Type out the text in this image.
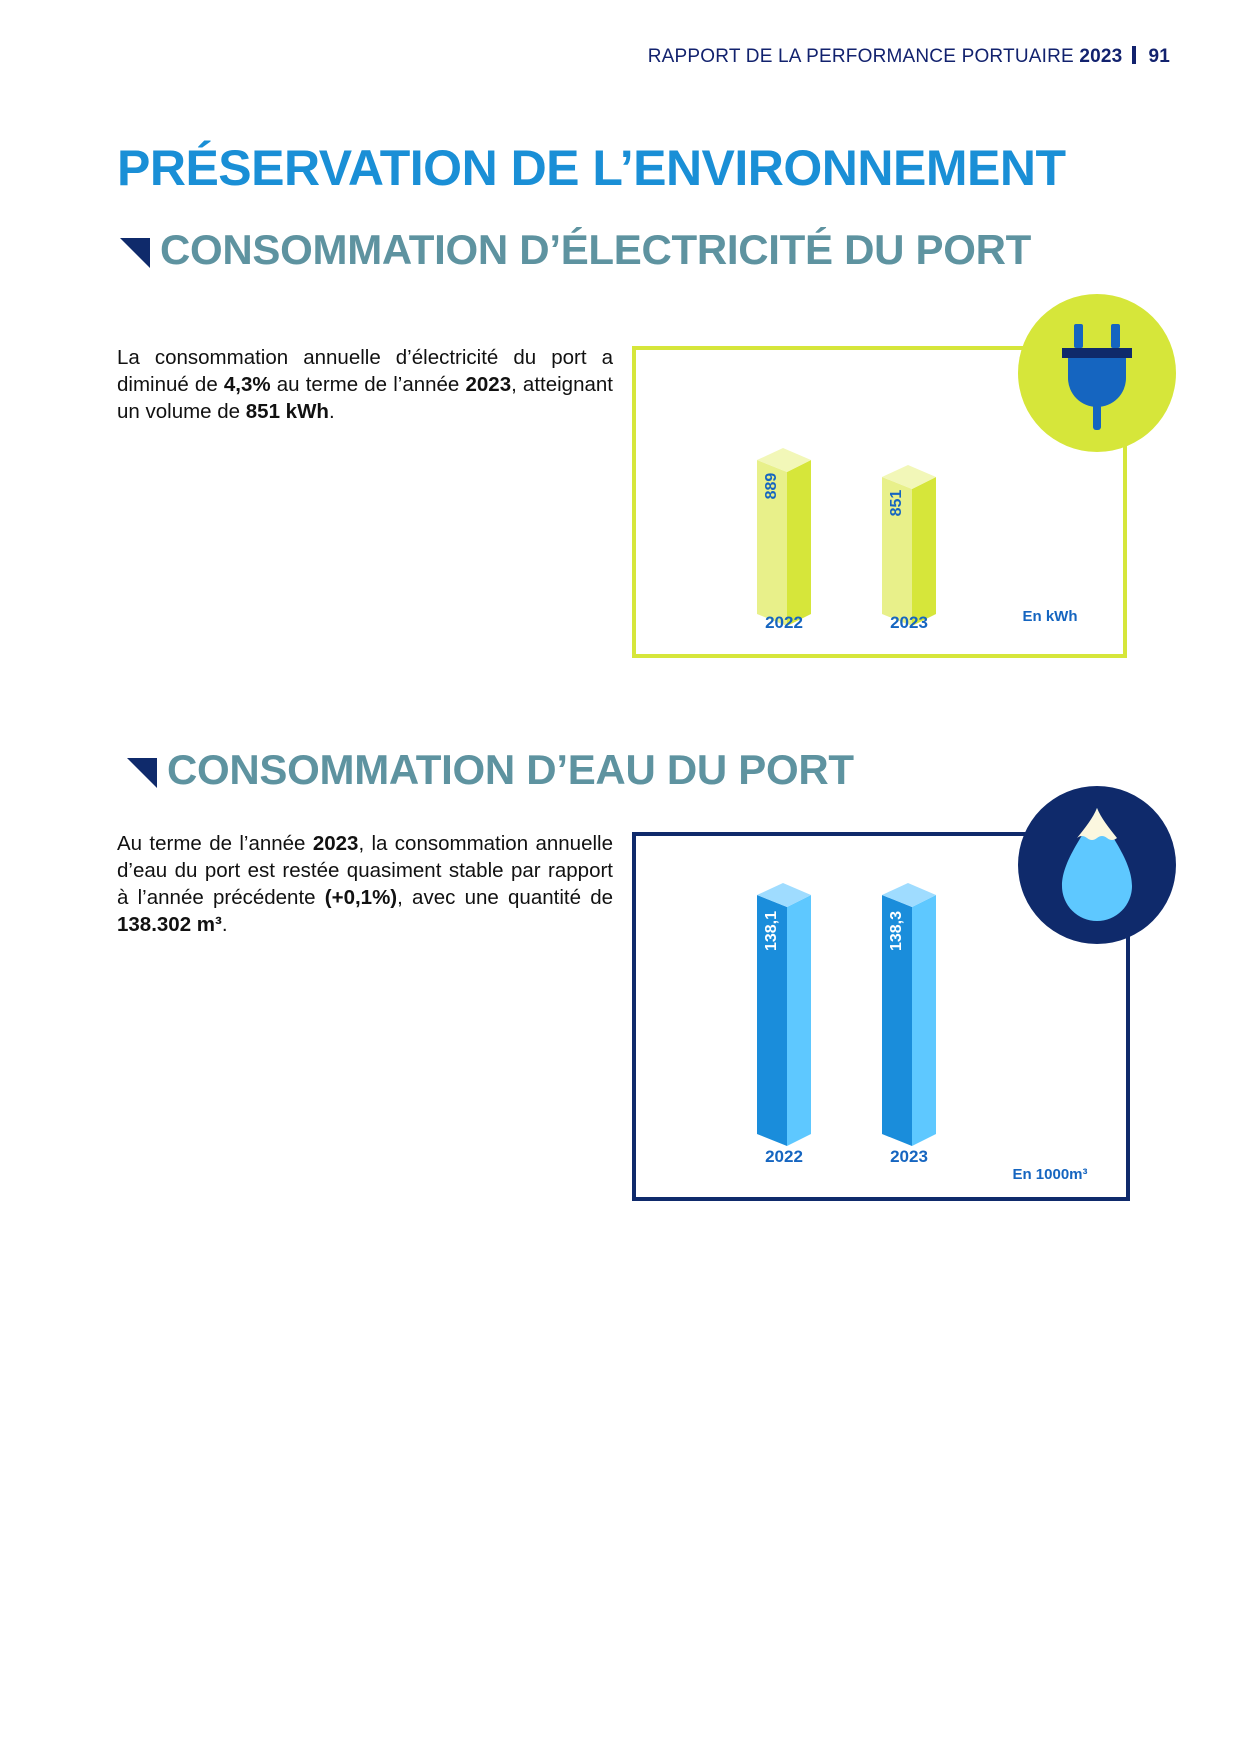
RAPPORT DE LA PERFORMANCE PORTUAIRE 2023 91
PRÉSERVATION DE L’ENVIRONNEMENT
CONSOMMATION D’ÉLECTRICITÉ DU PORT

La consommation annuelle d’électricité du port a diminué de 4,3% au terme de l’année 2023, atteignant un volume de 851 kWh.

889
2022
851
2023	En kWh
CONSOMMATION D’EAU DU PORT

Au terme de l’année 2023, la consommation annuelle d’eau du port est restée quasiment stable par rapport à l’année précédente (+0,1%), avec une quantité de 138.302 m³.	138,1
2022
138,3
2023
En 1000m³
